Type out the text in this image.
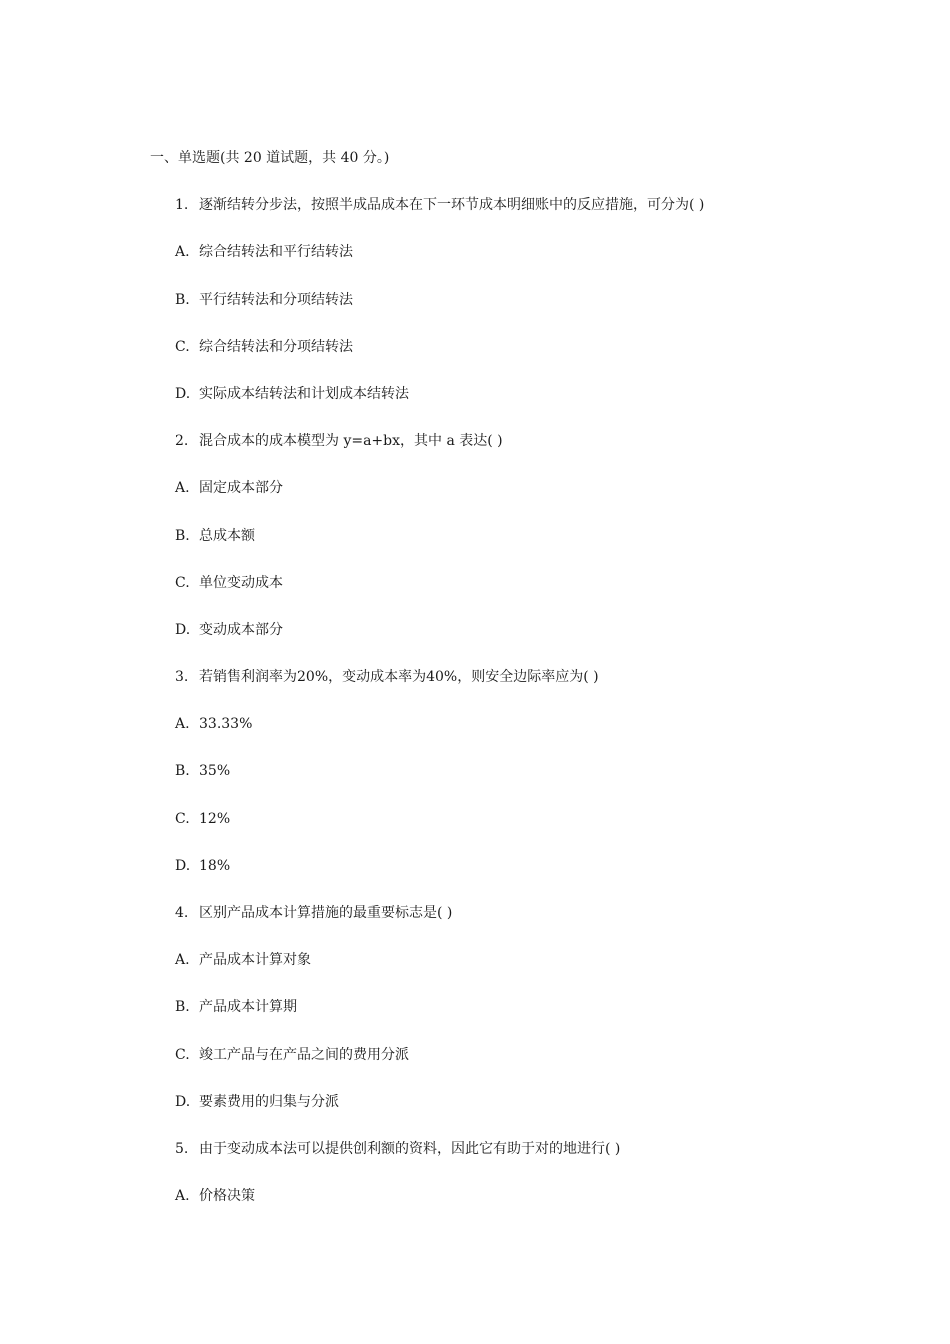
一、单选题(共 20 道试题，共 40 分。)
1. 逐渐结转分步法，按照半成品成本在下一环节成本明细账中的反应措施，可分为( )
A. 综合结转法和平行结转法
B. 平行结转法和分项结转法
C. 综合结转法和分项结转法
D. 实际成本结转法和计划成本结转法
2. 混合成本的成本模型为 y=a+bx，其中 a 表达( )
A. 固定成本部分
B. 总成本额
C. 单位变动成本
D. 变动成本部分
3. 若销售利润率为20%，变动成本率为40%，则安全边际率应为( )
A. 33.33%
B. 35%
C. 12%
D. 18%
4. 区别产品成本计算措施的最重要标志是( )
A. 产品成本计算对象
B. 产品成本计算期
C. 竣工产品与在产品之间的费用分派
D. 要素费用的归集与分派
5. 由于变动成本法可以提供创利额的资料，因此它有助于对的地进行( )
A. 价格决策
